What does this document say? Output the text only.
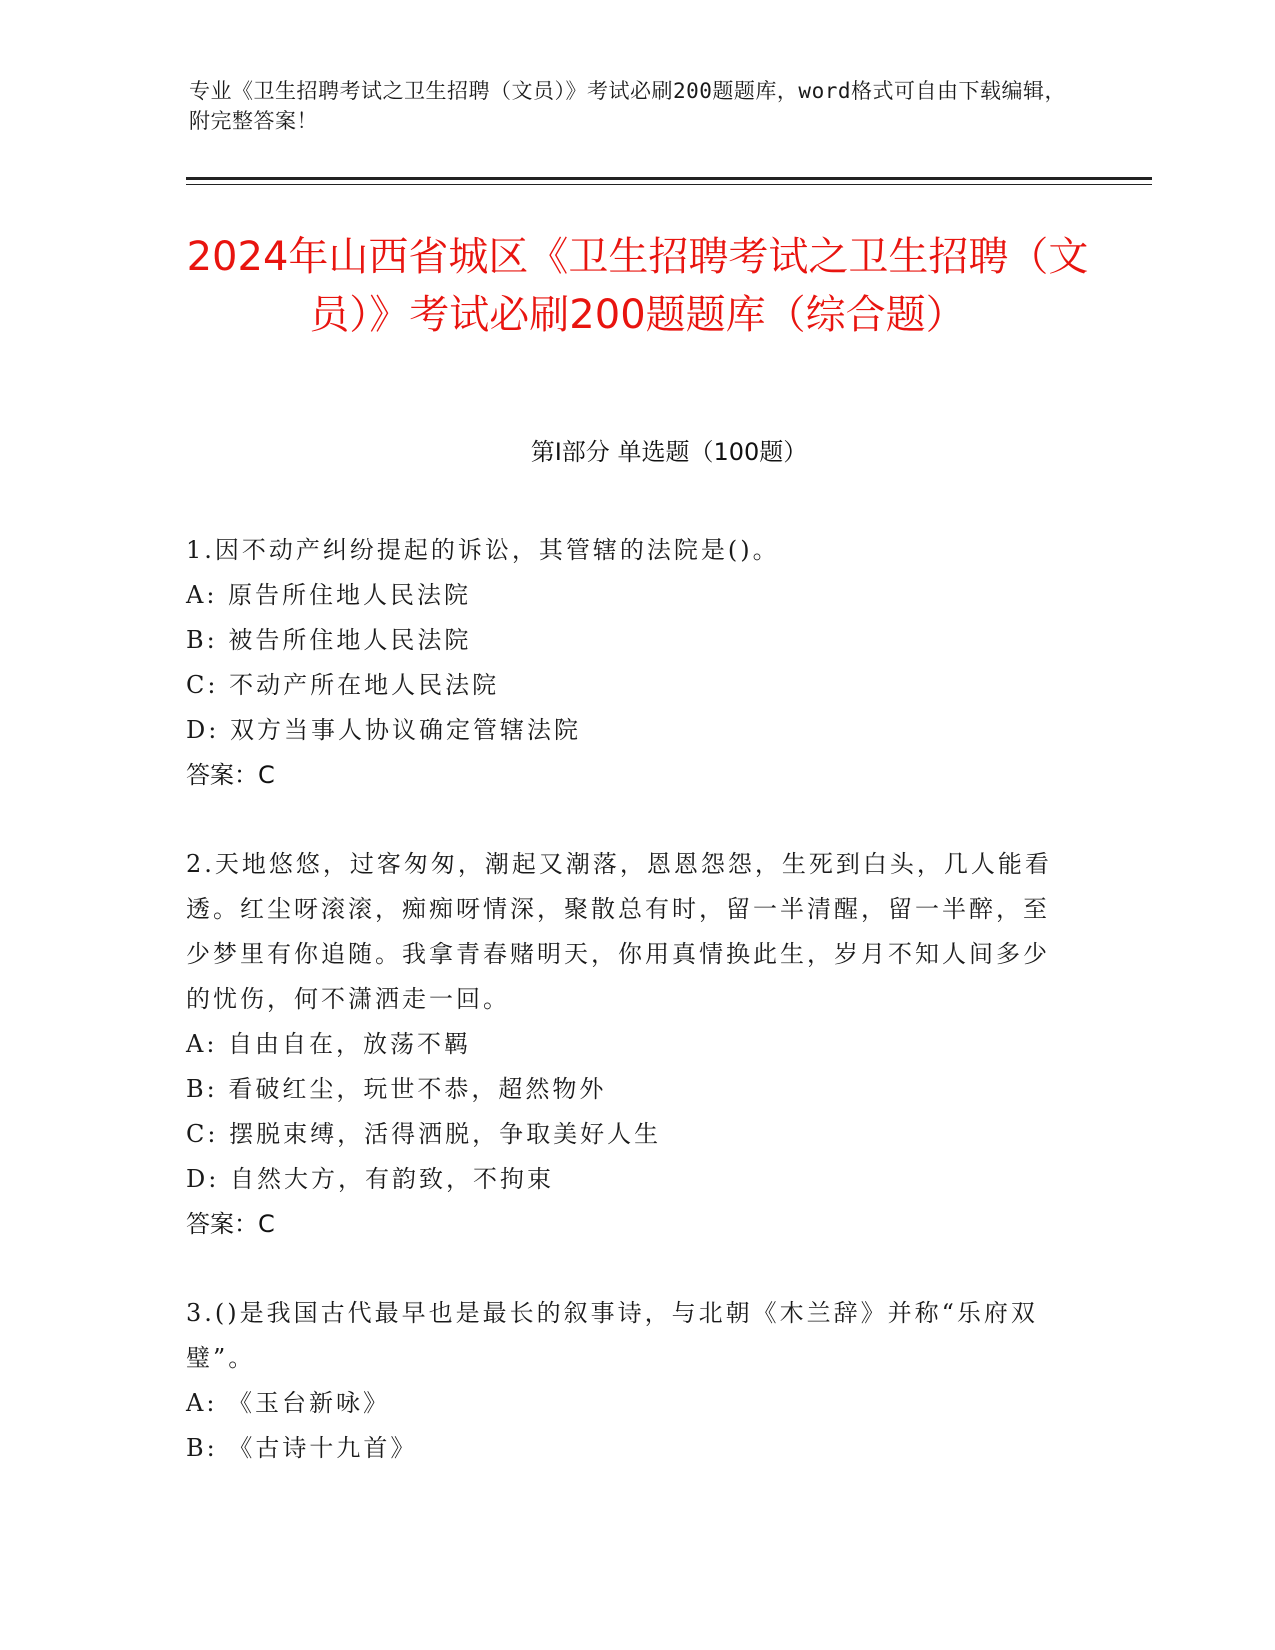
专业《卫生招聘考试之卫生招聘（文员）》考试必刷200题题库，word格式可自由下载编辑，附完整答案！
2024年山西省城区《卫生招聘考试之卫生招聘（文员）》考试必刷200题题库（综合题）
第I部分 单选题（100题）
1.因不动产纠纷提起的诉讼，其管辖的法院是()。
A: 原告所住地人民法院
B: 被告所住地人民法院
C: 不动产所在地人民法院
D: 双方当事人协议确定管辖法院
答案：C
2.天地悠悠，过客匆匆，潮起又潮落，恩恩怨怨，生死到白头，几人能看透。红尘呀滚滚，痴痴呀情深，聚散总有时，留一半清醒，留一半醉，至少梦里有你追随。我拿青春赌明天，你用真情换此生，岁月不知人间多少的忧伤，何不潇洒走一回。
A: 自由自在，放荡不羁
B: 看破红尘，玩世不恭，超然物外
C: 摆脱束缚，活得洒脱，争取美好人生
D: 自然大方，有韵致，不拘束
答案：C
3.()是我国古代最早也是最长的叙事诗，与北朝《木兰辞》并称“乐府双璧”。
A: 《玉台新咏》
B: 《古诗十九首》
